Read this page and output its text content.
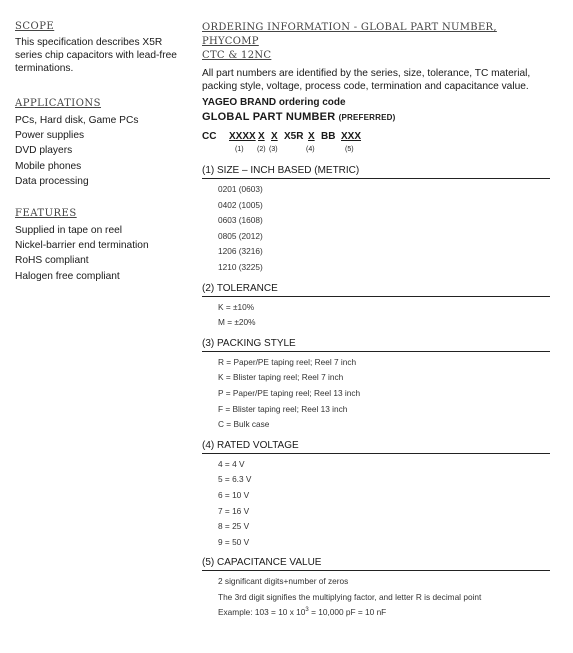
SCOPE

This specification describes X5R series chip capacitors with lead-free terminations.

APPLICATIONS
PCs, Hard disk, Game PCs
Power supplies
DVD players
Mobile phones
Data processing
FEATURES
Supplied in tape on reel
Nickel-barrier end termination
RoHS compliant
Halogen free compliant
ORDERING INFORMATION - GLOBAL PART NUMBER, PHYCOMP
CTC & 12NC

All part numbers are identified by the series, size, tolerance, TC material, packing style, voltage, process code, termination and capacitance value.

YAGEO BRAND ordering code
GLOBAL PART NUMBER (PREFERRED)
CC XXXX X X X5R X BB XXX
(1) (2) (3)	(4)	(5)
(1) SIZE – INCH BASED (METRIC)
0201 (0603)
0402 (1005)
0603 (1608)
0805 (2012)
1206 (3216)
1210 (3225)
(2) TOLERANCE
K = ±10%
M = ±20%
(3) PACKING STYLE
R = Paper/PE taping reel; Reel 7 inch
K = Blister taping reel; Reel 7 inch
P = Paper/PE taping reel; Reel 13 inch
F = Blister taping reel; Reel 13 inch
C = Bulk case
(4) RATED VOLTAGE
4 = 4 V
5 = 6.3 V
6 = 10 V
7 = 16 V
8 = 25 V
9 = 50 V
(5) CAPACITANCE VALUE
2 significant digits+number of zeros
The 3rd digit signifies the multiplying factor, and letter R is decimal point
Example: 103 = 10 x $10^3 = 10,000$ pF = 10 nF
